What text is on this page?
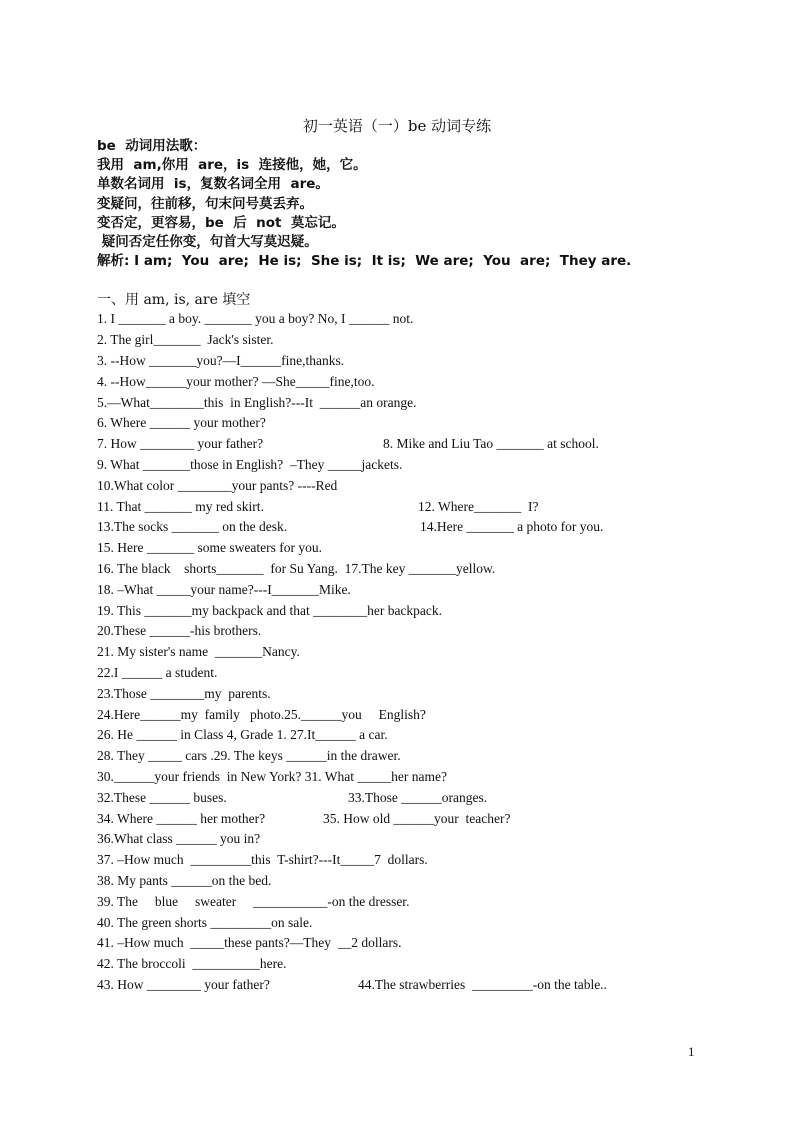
初一英语（一）be 动词专练
be  动词用法歌：
我用  am,你用  are，is  连接他，她，它。
单数名词用  is，复数名词全用  are。
变疑问，往前移，句末问号莫丢弃。
变否定，更容易，be  后  not  莫忘记。
疑问否定任你变，句首大写莫迟疑。
解析: I am;  You  are;  He is;  She is;  It is;  We are;  You  are;  They are.
一、用 am, is, are 填空
1. I _______ a boy. _______ you a boy? No, I ______ not.
2. The girl_______  Jack's sister.
3. --How _______you?—I______fine,thanks.
4. --How______your mother? —She_____fine,too.
5.—What________this  in English?---It  ______an orange.
6. Where ______ your mother?
7. How ________ your father?	8. Mike and Liu Tao _______ at school.
9. What _______those in English?  –They _____jackets.
10.What color ________your pants? ----Red
11. That _______ my red skirt.	12. Where_______  I?
13.The socks _______ on the desk.	14.Here _______ a photo for you.
15. Here _______ some sweaters for you.
16. The black    shorts_______  for Su Yang.  17.The key _______yellow.
18. –What _____your name?---I_______Mike.
19. This _______my backpack and that ________her backpack.
20.These ______-his brothers.
21. My sister's name  _______Nancy.
22.I ______ a student.
23.Those ________my  parents.
24.Here______my  family   photo.25.______you     English?
26. He ______ in Class 4, Grade 1. 27.It______ a car.
28. They _____ cars .29. The keys ______in the drawer.
30.______your friends  in New York? 31. What _____her name?
32.These ______ buses.	33.Those ______oranges.
34. Where ______ her mother?	35. How old ______your  teacher?
36.What class ______ you in?
37. –How much  _________this  T-shirt?---It_____7  dollars.
38. My pants ______on the bed.
39. The     blue     sweater     ___________-on the dresser.
40. The green shorts _________on sale.
41. –How much  _____these pants?—They  __2 dollars.
42. The broccoli  __________here.
43. How ________ your father?	44.The strawberries  _________-on the table..
1
